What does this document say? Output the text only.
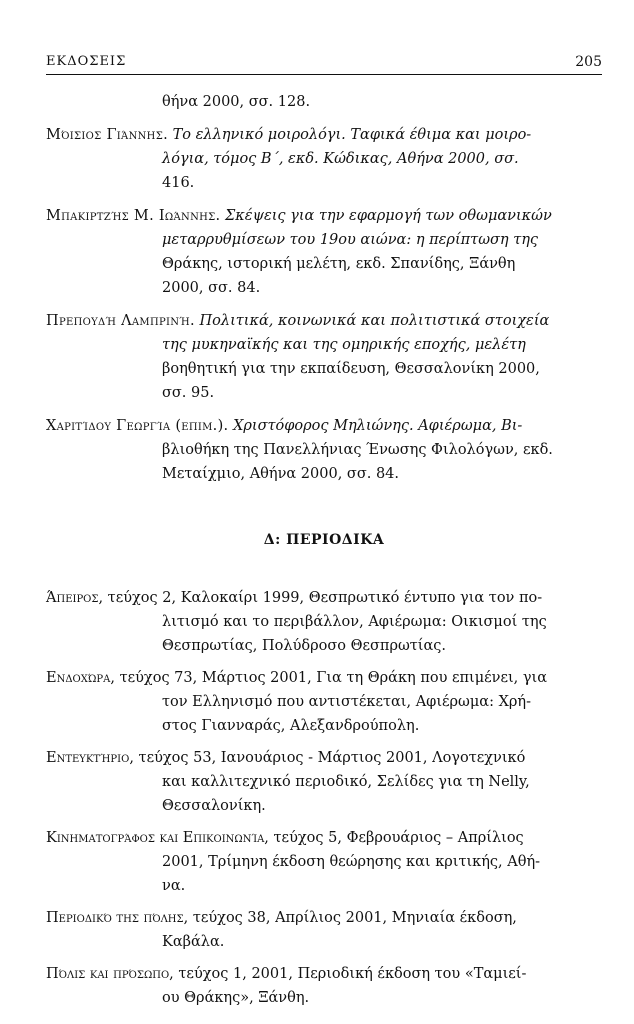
ΕΚΔΟΣΕΙΣ	205
θήνα 2000, σσ. 128.
Μόισιος Γιάννης. Το ελληνικό μοιρολόγι. Ταφικά έθιμα και μοιρο-
λόγια, τόμος Β΄, εκδ. Κώδικας, Αθήνα 2000, σσ.
416.
Μπακιρτζής Μ. Ιωάννης. Σκέψεις για την εφαρμογή των οθωμανικών
μεταρρυθμίσεων του 19ου αιώνα: η περίπτωση της
Θράκης, ιστορική μελέτη, εκδ. Σπανίδης, Ξάνθη
2000, σσ. 84.
Πρεπουδή Λαμπρινή. Πολιτικά, κοινωνικά και πολιτιστικά στοιχεία
της μυκηναϊκής και της ομηρικής εποχής, μελέτη
βοηθητική για την εκπαίδευση, Θεσσαλονίκη 2000,
σσ. 95.
Χαριτίδου Γεωργία (επιμ.). Χριστόφορος Μηλιώνης. Αφιέρωμα, Βι-
βλιοθήκη της Πανελλήνιας Ένωσης Φιλολόγων, εκδ.
Μεταίχμιο, Αθήνα 2000, σσ. 84.
Δ: ΠΕΡΙΟΔΙΚΑ
Άπειρος, τεύχος 2, Καλοκαίρι 1999, Θεσπρωτικό έντυπο για τον πο-

λιτισμό και το περιβάλλον, Αφιέρωμα: Οικισμοί της
Θεσπρωτίας, Πολύδροσο Θεσπρωτίας.
Ενδοχώρα, τεύχος 73, Μάρτιος 2001, Για τη Θράκη που επιμένει, για

τον Ελληνισμό που αντιστέκεται, Αφιέρωμα: Χρή-
στος Γιανναράς, Αλεξανδρούπολη.
Εντευκτήριο, τεύχος 53, Ιανουάριος - Μάρτιος 2001, Λογοτεχνικό

και καλλιτεχνικό περιοδικό, Σελίδες για τη Nelly,
Θεσσαλονίκη.
Κινηματογράφος και Επικοινωνία, τεύχος 5, Φεβρουάριος – Απρίλιος

2001, Τρίμηνη έκδοση θεώρησης και κριτικής, Αθή-
να.
Περιοδικό της πόλης, τεύχος 38, Απρίλιος 2001, Μηνιαία έκδοση,

Καβάλα.
Πόλις και πρόσωπο, τεύχος 1, 2001, Περιοδική έκδοση του «Ταμιεί-

ου Θράκης», Ξάνθη.
